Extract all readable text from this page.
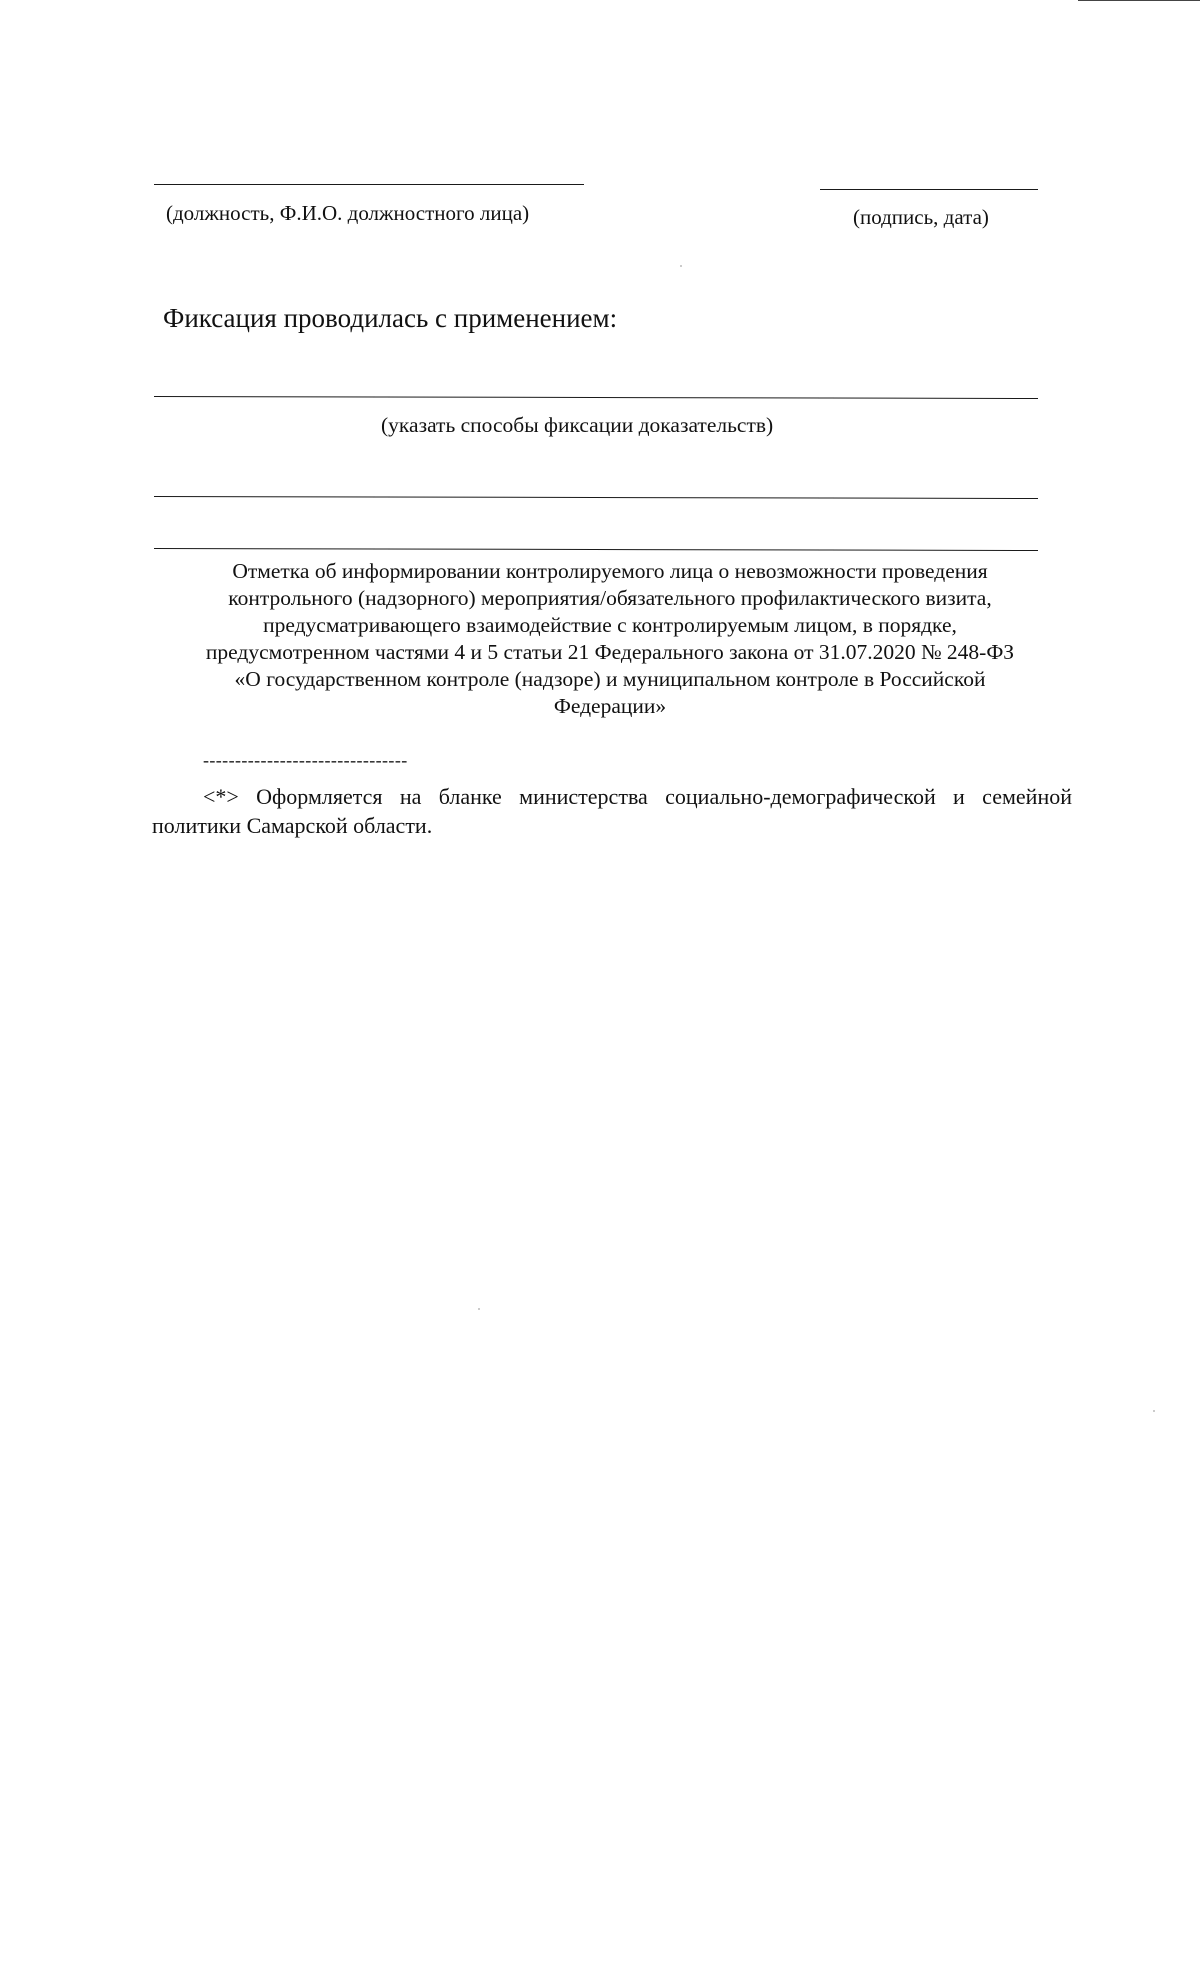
(должность, Ф.И.О. должностного лица)	(подпись, дата)
Фиксация проводилась с применением:
(указать способы фиксации доказательств)
Отметка об информировании контролируемого лица о невозможности проведения
контрольного (надзорного) мероприятия/обязательного профилактического визита,
предусматривающего взаимодействие с контролируемым лицом, в порядке,
предусмотренном частями 4 и 5 статьи 21 Федерального закона от 31.07.2020 № 248-ФЗ
«О государственном контроле (надзоре) и муниципальном контроле в Российской
Федерации»
--------------------------------
<*> Оформляется на бланке министерства социально-демографической и семейной
политики Самарской области.
